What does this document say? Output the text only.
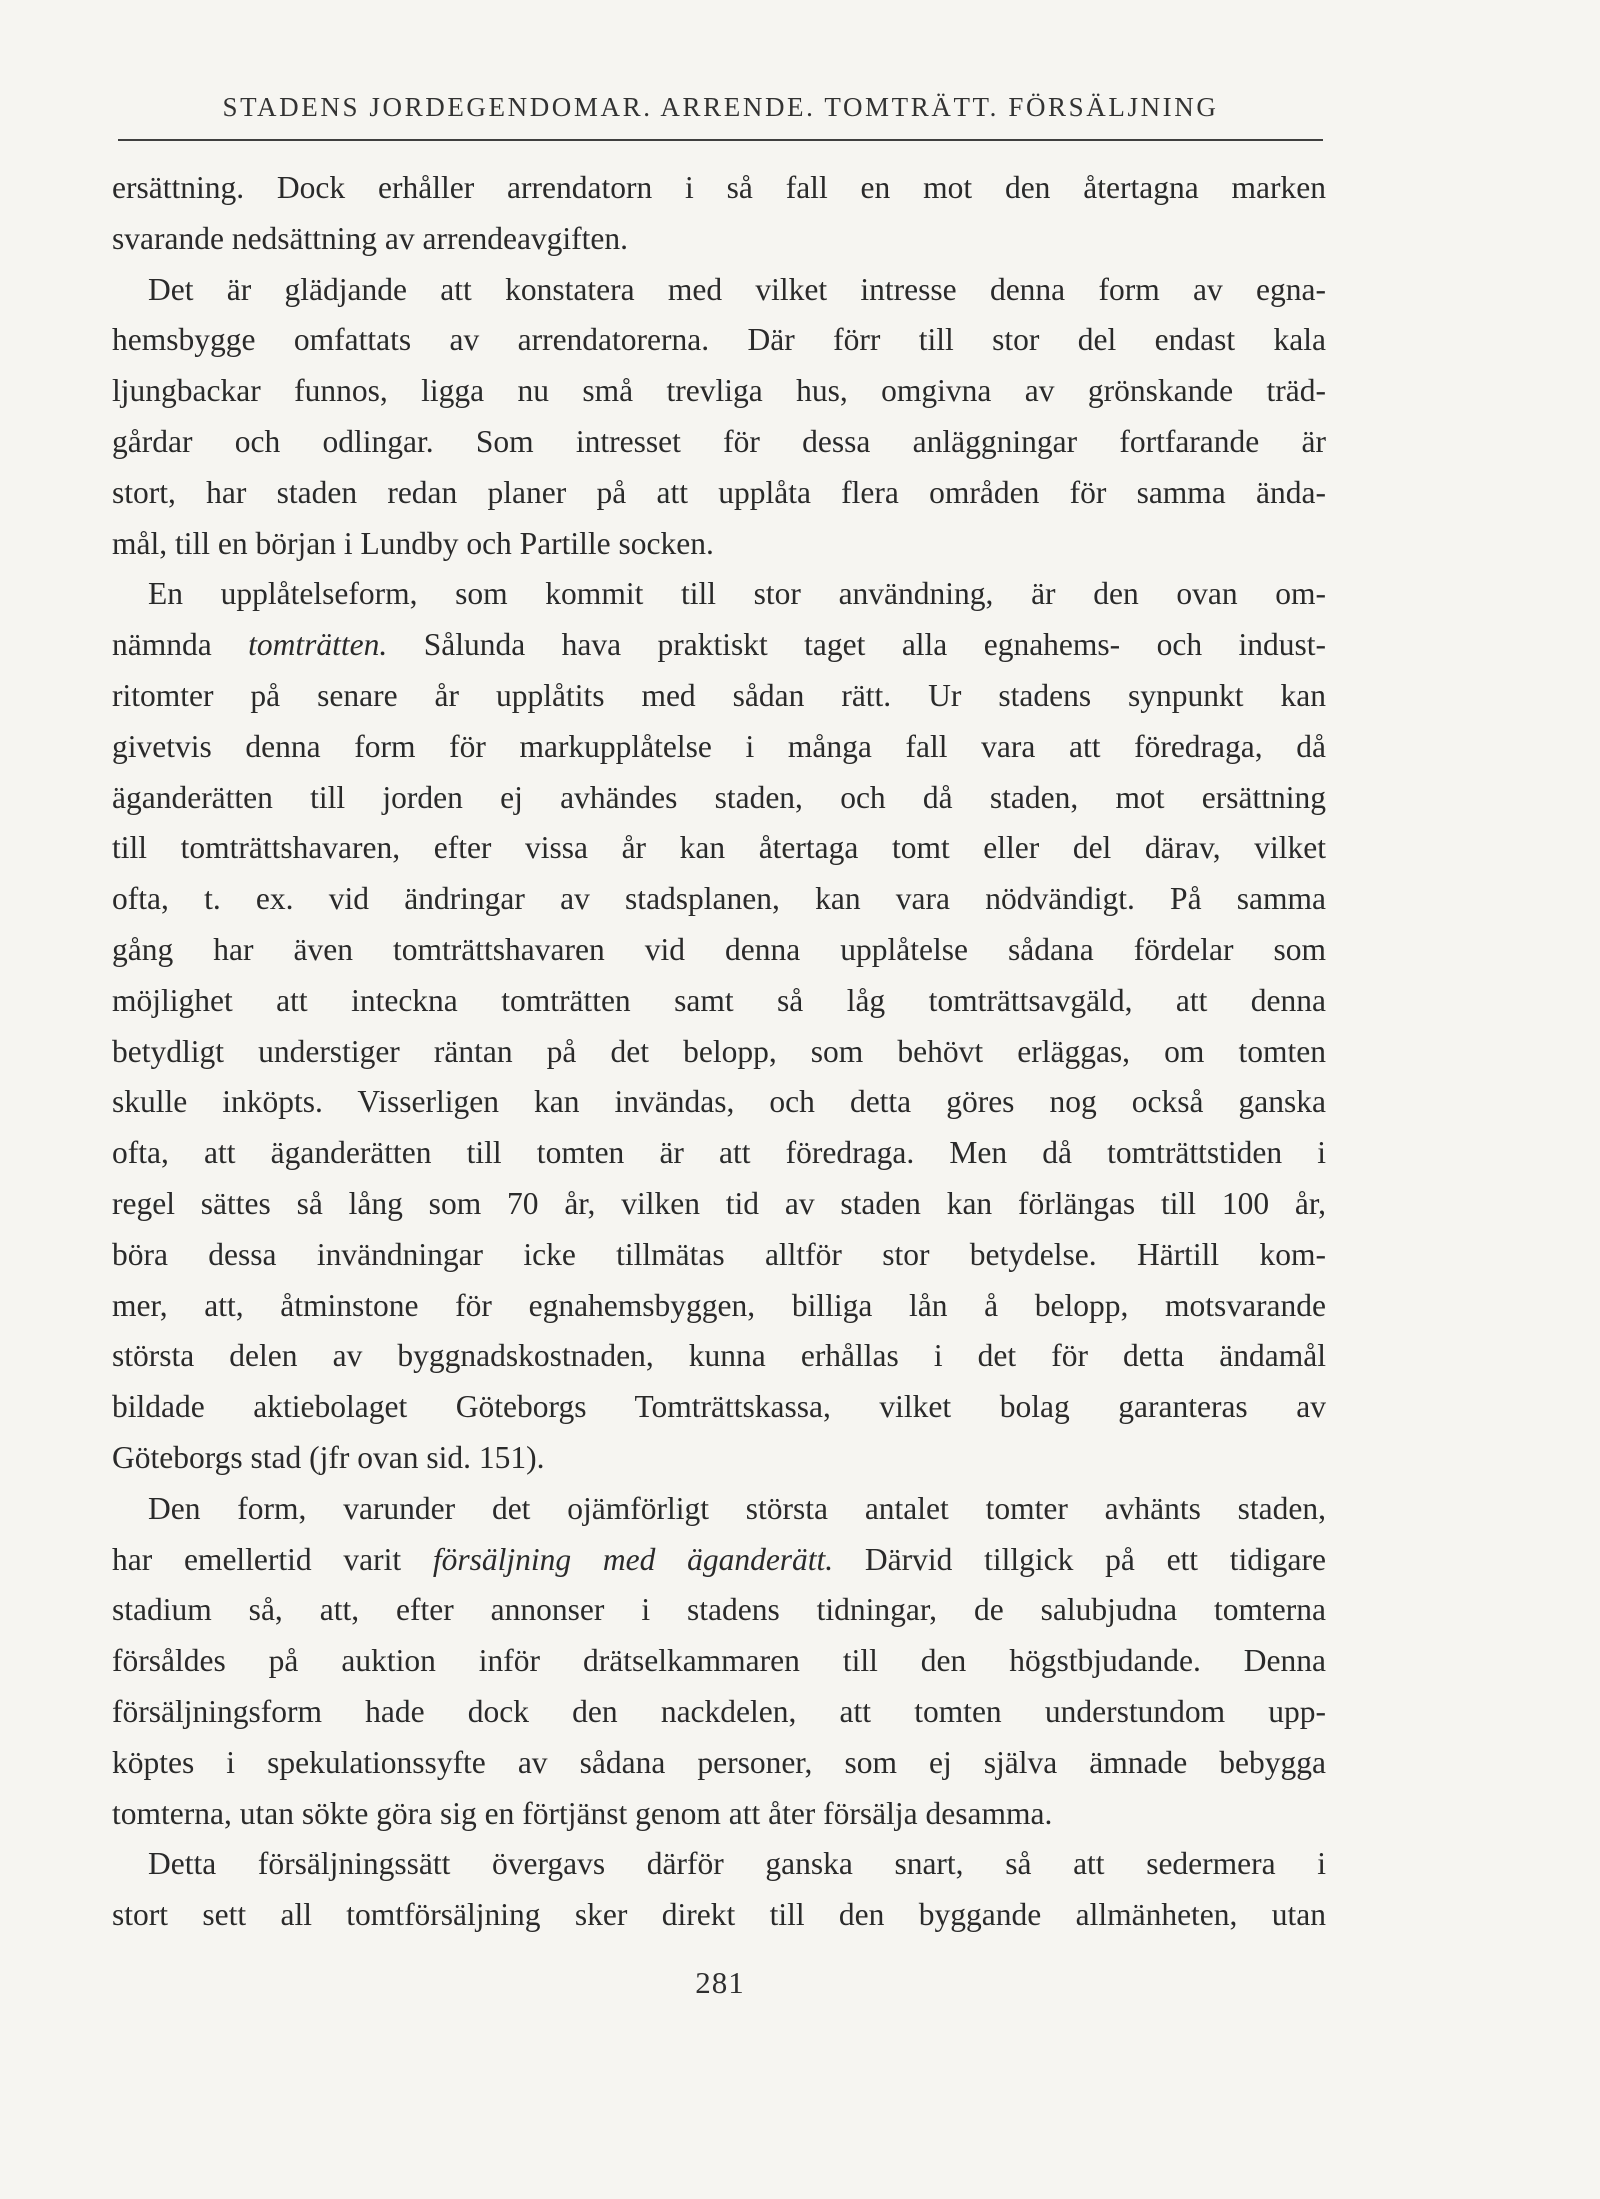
STADENS JORDEGENDOMAR. ARRENDE. TOMTRÄTT. FÖRSÄLJNING
ersättning. Dock erhåller arrendatorn i så fall en mot den återtagna marken
svarande nedsättning av arrendeavgiften.
Det är glädjande att konstatera med vilket intresse denna form av egna-
hemsbygge omfattats av arrendatorerna. Där förr till stor del endast kala
ljungbackar funnos, ligga nu små trevliga hus, omgivna av grönskande träd-
gårdar och odlingar. Som intresset för dessa anläggningar fortfarande är
stort, har staden redan planer på att upplåta flera områden för samma ända-
mål, till en början i Lundby och Partille socken.
En upplåtelseform, som kommit till stor användning, är den ovan om-
nämnda tomträtten. Sålunda hava praktiskt taget alla egnahems- och indust-
ritomter på senare år upplåtits med sådan rätt. Ur stadens synpunkt kan
givetvis denna form för markupplåtelse i många fall vara att föredraga, då
äganderätten till jorden ej avhändes staden, och då staden, mot ersättning
till tomträttshavaren, efter vissa år kan återtaga tomt eller del därav, vilket
ofta, t. ex. vid ändringar av stadsplanen, kan vara nödvändigt. På samma
gång har även tomträttshavaren vid denna upplåtelse sådana fördelar som
möjlighet att inteckna tomträtten samt så låg tomträttsavgäld, att denna
betydligt understiger räntan på det belopp, som behövt erläggas, om tomten
skulle inköpts. Visserligen kan invändas, och detta göres nog också ganska
ofta, att äganderätten till tomten är att föredraga. Men då tomträttstiden i
regel sättes så lång som 70 år, vilken tid av staden kan förlängas till 100 år,
böra dessa invändningar icke tillmätas alltför stor betydelse. Härtill kom-
mer, att, åtminstone för egnahemsbyggen, billiga lån å belopp, motsvarande
största delen av byggnadskostnaden, kunna erhållas i det för detta ändamål
bildade aktiebolaget Göteborgs Tomträttskassa, vilket bolag garanteras av
Göteborgs stad (jfr ovan sid. 151).
Den form, varunder det ojämförligt största antalet tomter avhänts staden,
har emellertid varit försäljning med äganderätt. Därvid tillgick på ett tidigare
stadium så, att, efter annonser i stadens tidningar, de salubjudna tomterna
försåldes på auktion inför drätselkammaren till den högstbjudande. Denna
försäljningsform hade dock den nackdelen, att tomten understundom upp-
köptes i spekulationssyfte av sådana personer, som ej själva ämnade bebygga
tomterna, utan sökte göra sig en förtjänst genom att åter försälja desamma.
Detta försäljningssätt övergavs därför ganska snart, så att sedermera i
stort sett all tomtförsäljning sker direkt till den byggande allmänheten, utan
281
